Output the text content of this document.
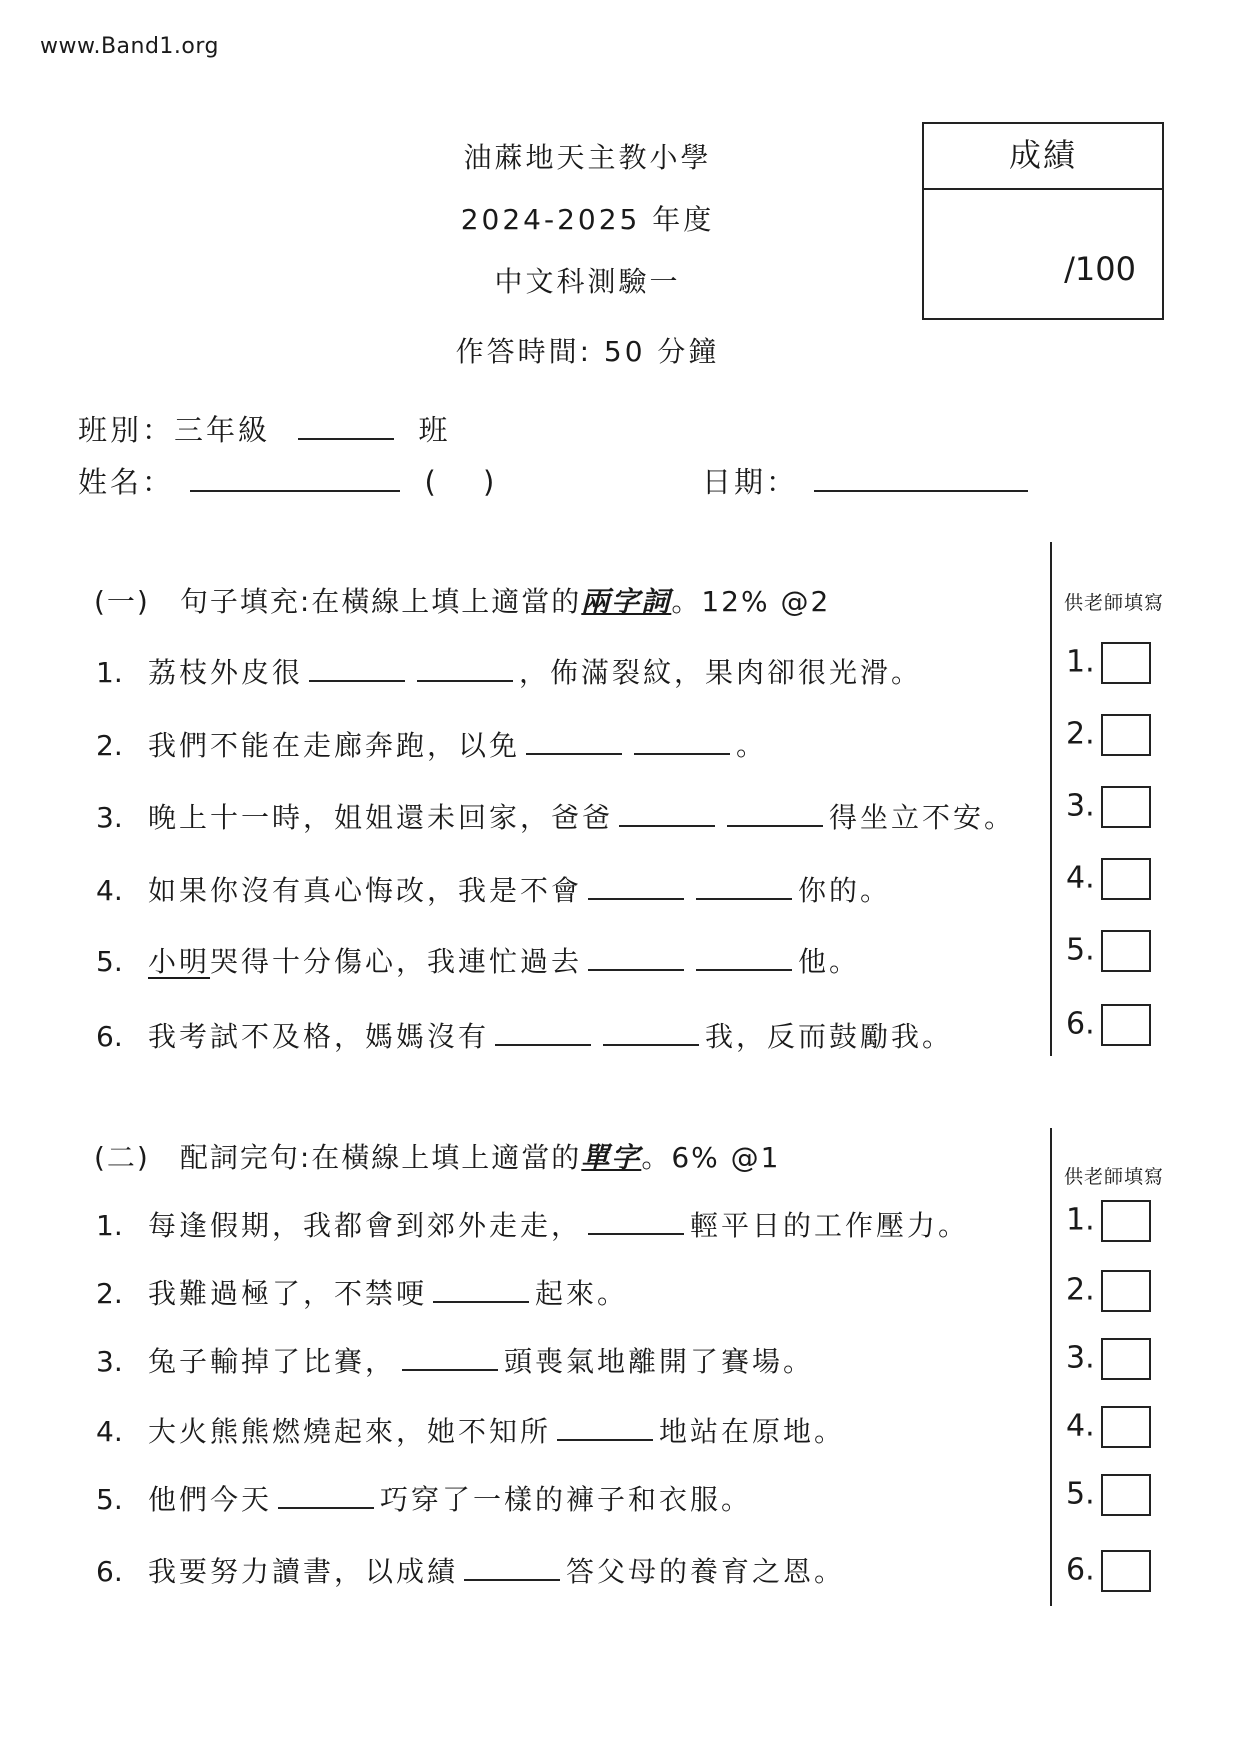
www.Band1.org
油蔴地天主教小學
2024-2025 年度
中文科測驗一
作答時間: 50 分鐘
成績
/100
班別：三年級	班
姓名：	(　 )	日期：
供老師填寫
(一)　句子填充:在橫線上填上適當的兩字詞。12% @2
1. 荔枝外皮很	，佈滿裂紋，果肉卻很光滑。
2. 我們不能在走廊奔跑，以免	。
3. 晚上十一時，姐姐還未回家，爸爸	得坐立不安。
4. 如果你沒有真心悔改，我是不會	你的。
5. 小明哭得十分傷心，我連忙過去	他。
6. 我考試不及格，媽媽沒有	我，反而鼓勵我。
1.
2.
3.
4.
5.
6.
供老師填寫
(二)　配詞完句:在橫線上填上適當的單字。6% @1
1. 每逢假期，我都會到郊外走走，	輕平日的工作壓力。
2. 我難過極了，不禁哽	起來。
3. 兔子輸掉了比賽，	頭喪氣地離開了賽場。
4. 大火熊熊燃燒起來，她不知所	地站在原地。
5. 他們今天	巧穿了一樣的褲子和衣服。
6. 我要努力讀書，以成績	答父母的養育之恩。
1.
2.
3.
4.
5.
6.
